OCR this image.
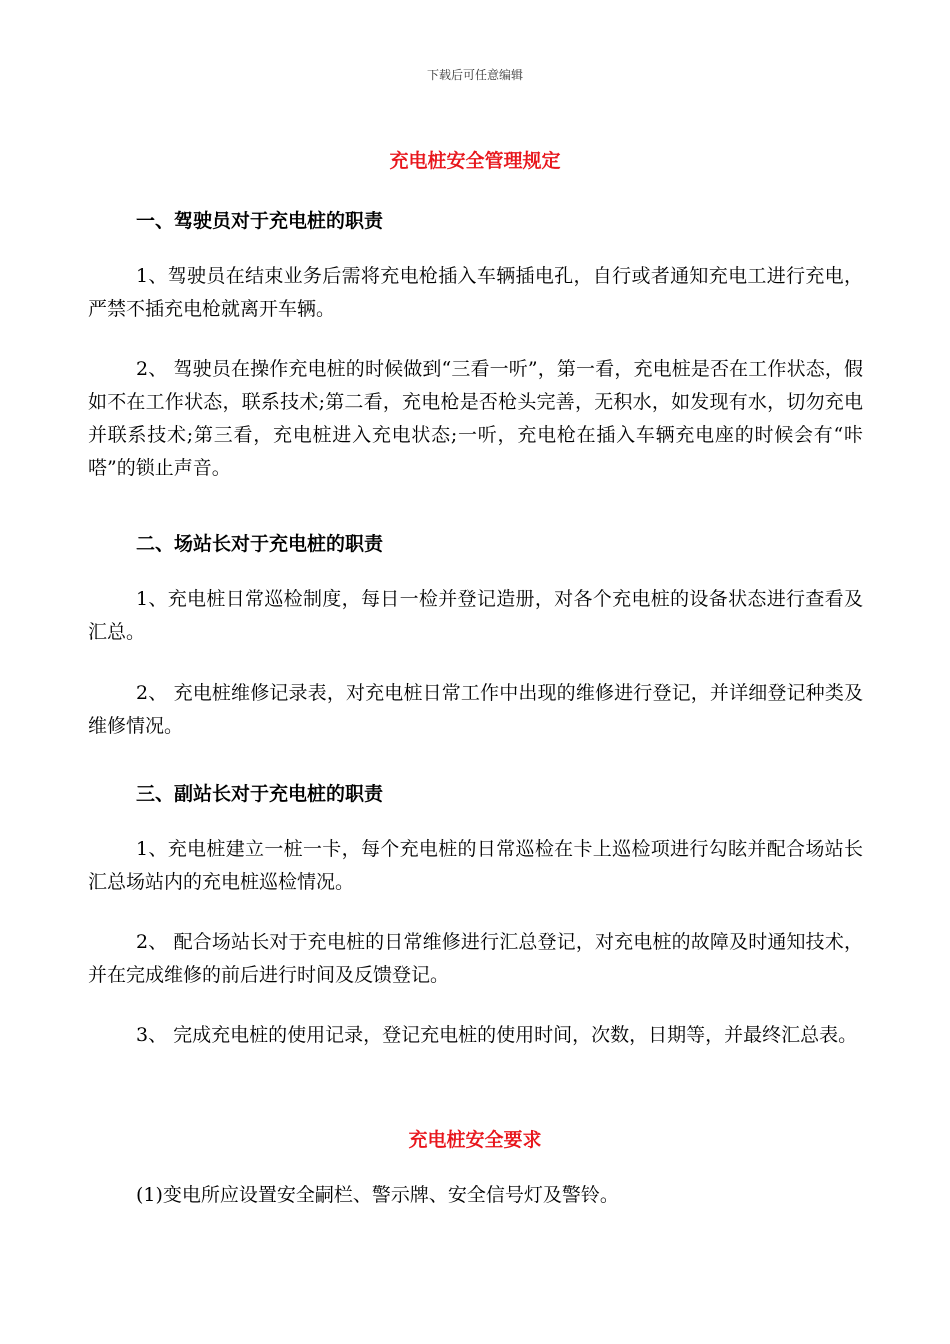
下载后可任意编辑
充电桩安全管理规定
一、驾驶员对于充电桩的职责
1、驾驶员在结束业务后需将充电枪插入车辆插电孔，自行或者通知充电工进行充电，严禁不插充电枪就离开车辆。
2、 驾驶员在操作充电桩的时候做到“三看一听”，第一看，充电桩是否在工作状态，假如不在工作状态，联系技术;第二看，充电枪是否枪头完善，无积水，如发现有水，切勿充电并联系技术;第三看，充电桩进入充电状态;一听，充电枪在插入车辆充电座的时候会有“咔嗒”的锁止声音。
二、场站长对于充电桩的职责
1、充电桩日常巡检制度，每日一检并登记造册，对各个充电桩的设备状态进行查看及汇总。
2、 充电桩维修记录表，对充电桩日常工作中出现的维修进行登记，并详细登记种类及维修情况。
三、副站长对于充电桩的职责
1、充电桩建立一桩一卡，每个充电桩的日常巡检在卡上巡检项进行勾眩并配合场站长汇总场站内的充电桩巡检情况。
2、 配合场站长对于充电桩的日常维修进行汇总登记，对充电桩的故障及时通知技术，并在完成维修的前后进行时间及反馈登记。
3、 完成充电桩的使用记录，登记充电桩的使用时间，次数，日期等，并最终汇总表。
充电桩安全要求
(1)变电所应设置安全嗣栏、警示牌、安全信号灯及警铃。
